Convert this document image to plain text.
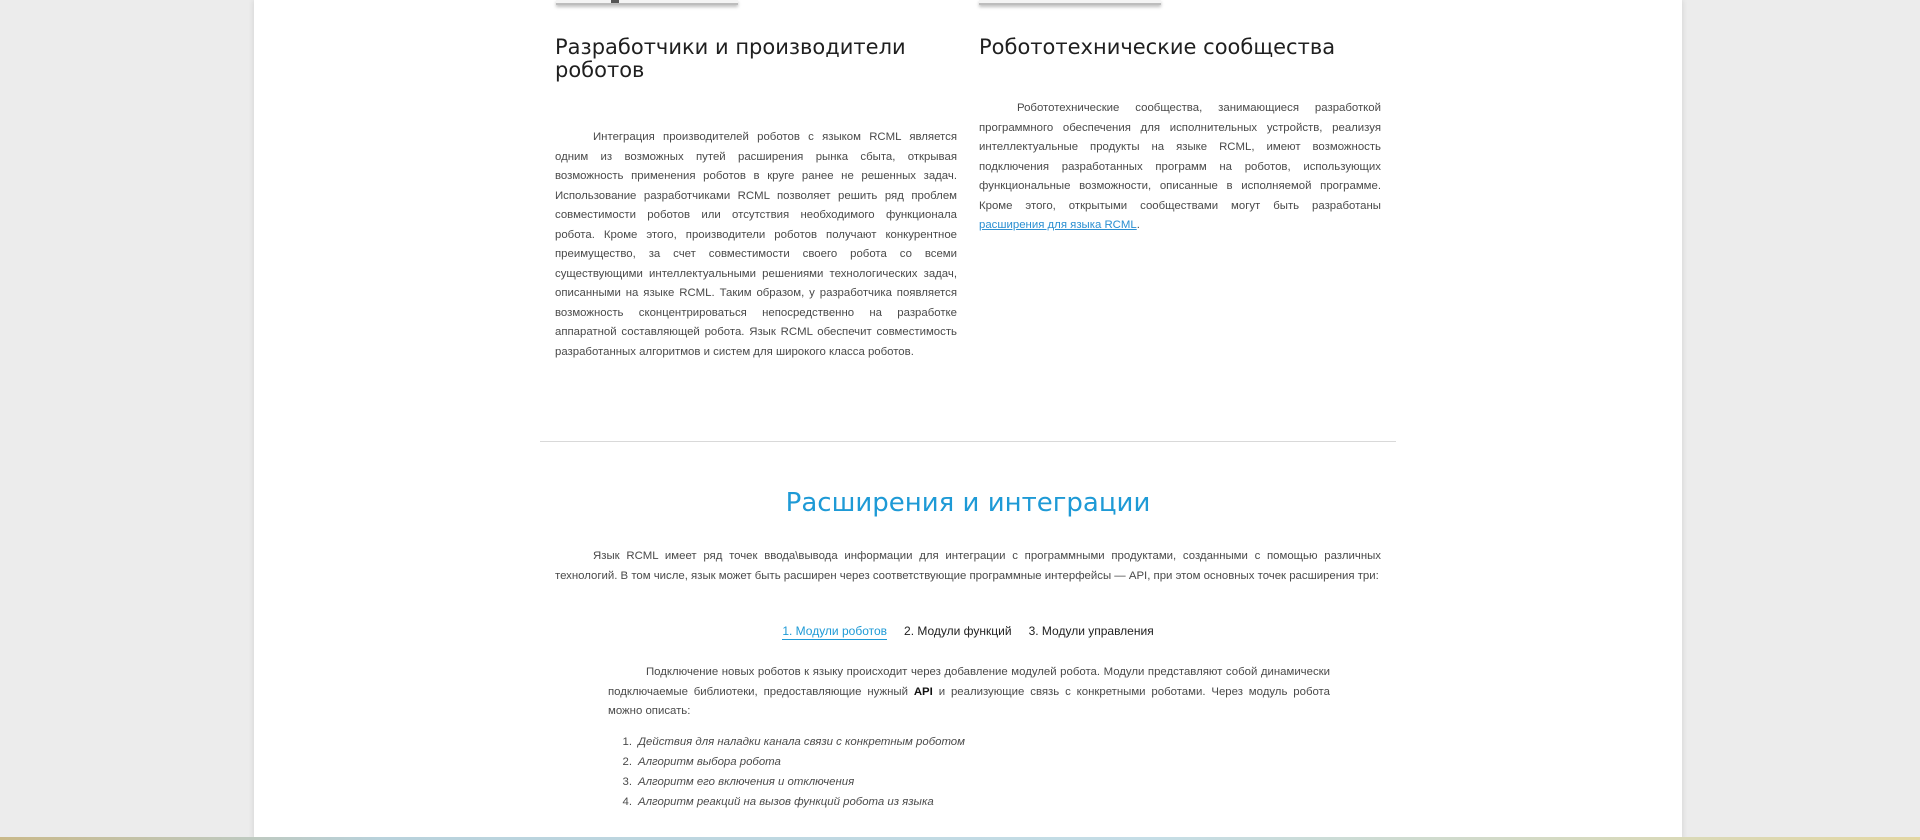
Разработчики и производители роботов

Интеграция производителей роботов с языком RCML является одним из возможных путей расширения рынка сбыта, открывая возможность применения роботов в круге ранее не решенных задач. Использование разработчиками RCML позволяет решить ряд проблем совместимости роботов или отсутствия необходимого функционала робота. Кроме этого, производители роботов получают конкурентное преимущество, за счет совместимости своего робота со всеми существующими интеллектуальными решениями технологических задач, описанными на языке RCML. Таким образом, у разработчика появляется возможность сконцентрироваться непосредственно на разработке аппаратной составляющей робота. Язык RCML обеспечит совместимость разработанных алгоритмов и систем для широкого класса роботов.

Робототехнические сообщества

Робототехнические сообщества, занимающиеся разработкой программного обеспечения для исполнительных устройств, реализуя интеллектуальные продукты на языке RCML, имеют возможность подключения разработанных программ на роботов, использующих функциональные возможности, описанные в исполняемой программе. Кроме этого, открытыми сообществами могут быть разработаны расширения для языка RCML.

Расширения и интеграции

Язык RCML имеет ряд точек ввода\вывода информации для интеграции с программными продуктами, созданными с помощью различных технологий. В том числе, язык может быть расширен через соответствующие программные интерфейсы — API, при этом основных точек расширения три:

1. Модули роботов 2. Модули функций 3. Модули управления

Подключение новых роботов к языку происходит через добавление модулей робота. Модули представляют собой динамически подключаемые библиотеки, предоставляющие нужный API и реализующие связь с конкретными роботами. Через модуль робота можно описать:

1. Действия для наладки канала связи с конкретным роботом
2. Алгоритм выбора робота
3. Алгоритм его включения и отключения
4. Алгоритм реакций на вызов функций робота из языка
